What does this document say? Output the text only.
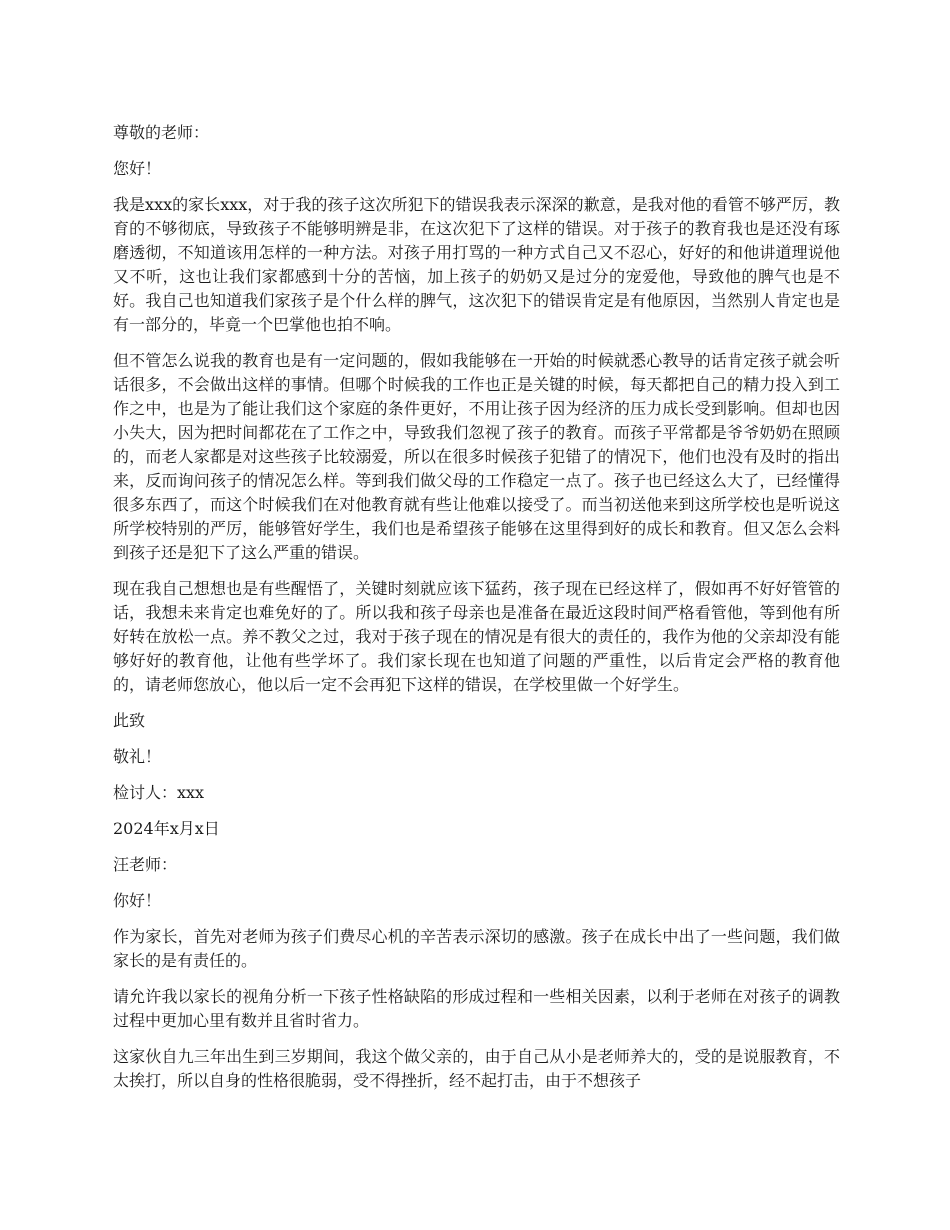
尊敬的老师：

您好！

我是xxx的家长xxx，对于我的孩子这次所犯下的错误我表示深深的歉意，是我对他的看管不够严厉，教育的不够彻底，导致孩子不能够明辨是非，在这次犯下了这样的错误。对于孩子的教育我也是还没有琢磨透彻，不知道该用怎样的一种方法。对孩子用打骂的一种方式自己又不忍心，好好的和他讲道理说他又不听，这也让我们家都感到十分的苦恼，加上孩子的奶奶又是过分的宠爱他，导致他的脾气也是不好。我自己也知道我们家孩子是个什么样的脾气，这次犯下的错误肯定是有他原因，当然别人肯定也是有一部分的，毕竟一个巴掌他也拍不响。

但不管怎么说我的教育也是有一定问题的，假如我能够在一开始的时候就悉心教导的话肯定孩子就会听话很多，不会做出这样的事情。但哪个时候我的工作也正是关键的时候，每天都把自己的精力投入到工作之中，也是为了能让我们这个家庭的条件更好，不用让孩子因为经济的压力成长受到影响。但却也因小失大，因为把时间都花在了工作之中，导致我们忽视了孩子的教育。而孩子平常都是爷爷奶奶在照顾的，而老人家都是对这些孩子比较溺爱，所以在很多时候孩子犯错了的情况下，他们也没有及时的指出来，反而询问孩子的情况怎么样。等到我们做父母的工作稳定一点了。孩子也已经这么大了，已经懂得很多东西了，而这个时候我们在对他教育就有些让他难以接受了。而当初送他来到这所学校也是听说这所学校特别的严厉，能够管好学生，我们也是希望孩子能够在这里得到好的成长和教育。但又怎么会料到孩子还是犯下了这么严重的错误。

现在我自己想想也是有些醒悟了，关键时刻就应该下猛药，孩子现在已经这样了，假如再不好好管管的话，我想未来肯定也难免好的了。所以我和孩子母亲也是准备在最近这段时间严格看管他，等到他有所好转在放松一点。养不教父之过，我对于孩子现在的情况是有很大的责任的，我作为他的父亲却没有能够好好的教育他，让他有些学坏了。我们家长现在也知道了问题的严重性，以后肯定会严格的教育他的，请老师您放心，他以后一定不会再犯下这样的错误，在学校里做一个好学生。

此致

敬礼！

检讨人：xxx

2024年x月x日

汪老师：

你好！

作为家长，首先对老师为孩子们费尽心机的辛苦表示深切的感激。孩子在成长中出了一些问题，我们做家长的是有责任的。

请允许我以家长的视角分析一下孩子性格缺陷的形成过程和一些相关因素，以利于老师在对孩子的调教过程中更加心里有数并且省时省力。

这家伙自九三年出生到三岁期间，我这个做父亲的，由于自己从小是老师养大的，受的是说服教育，不太挨打，所以自身的性格很脆弱，受不得挫折，经不起打击，由于不想孩子
